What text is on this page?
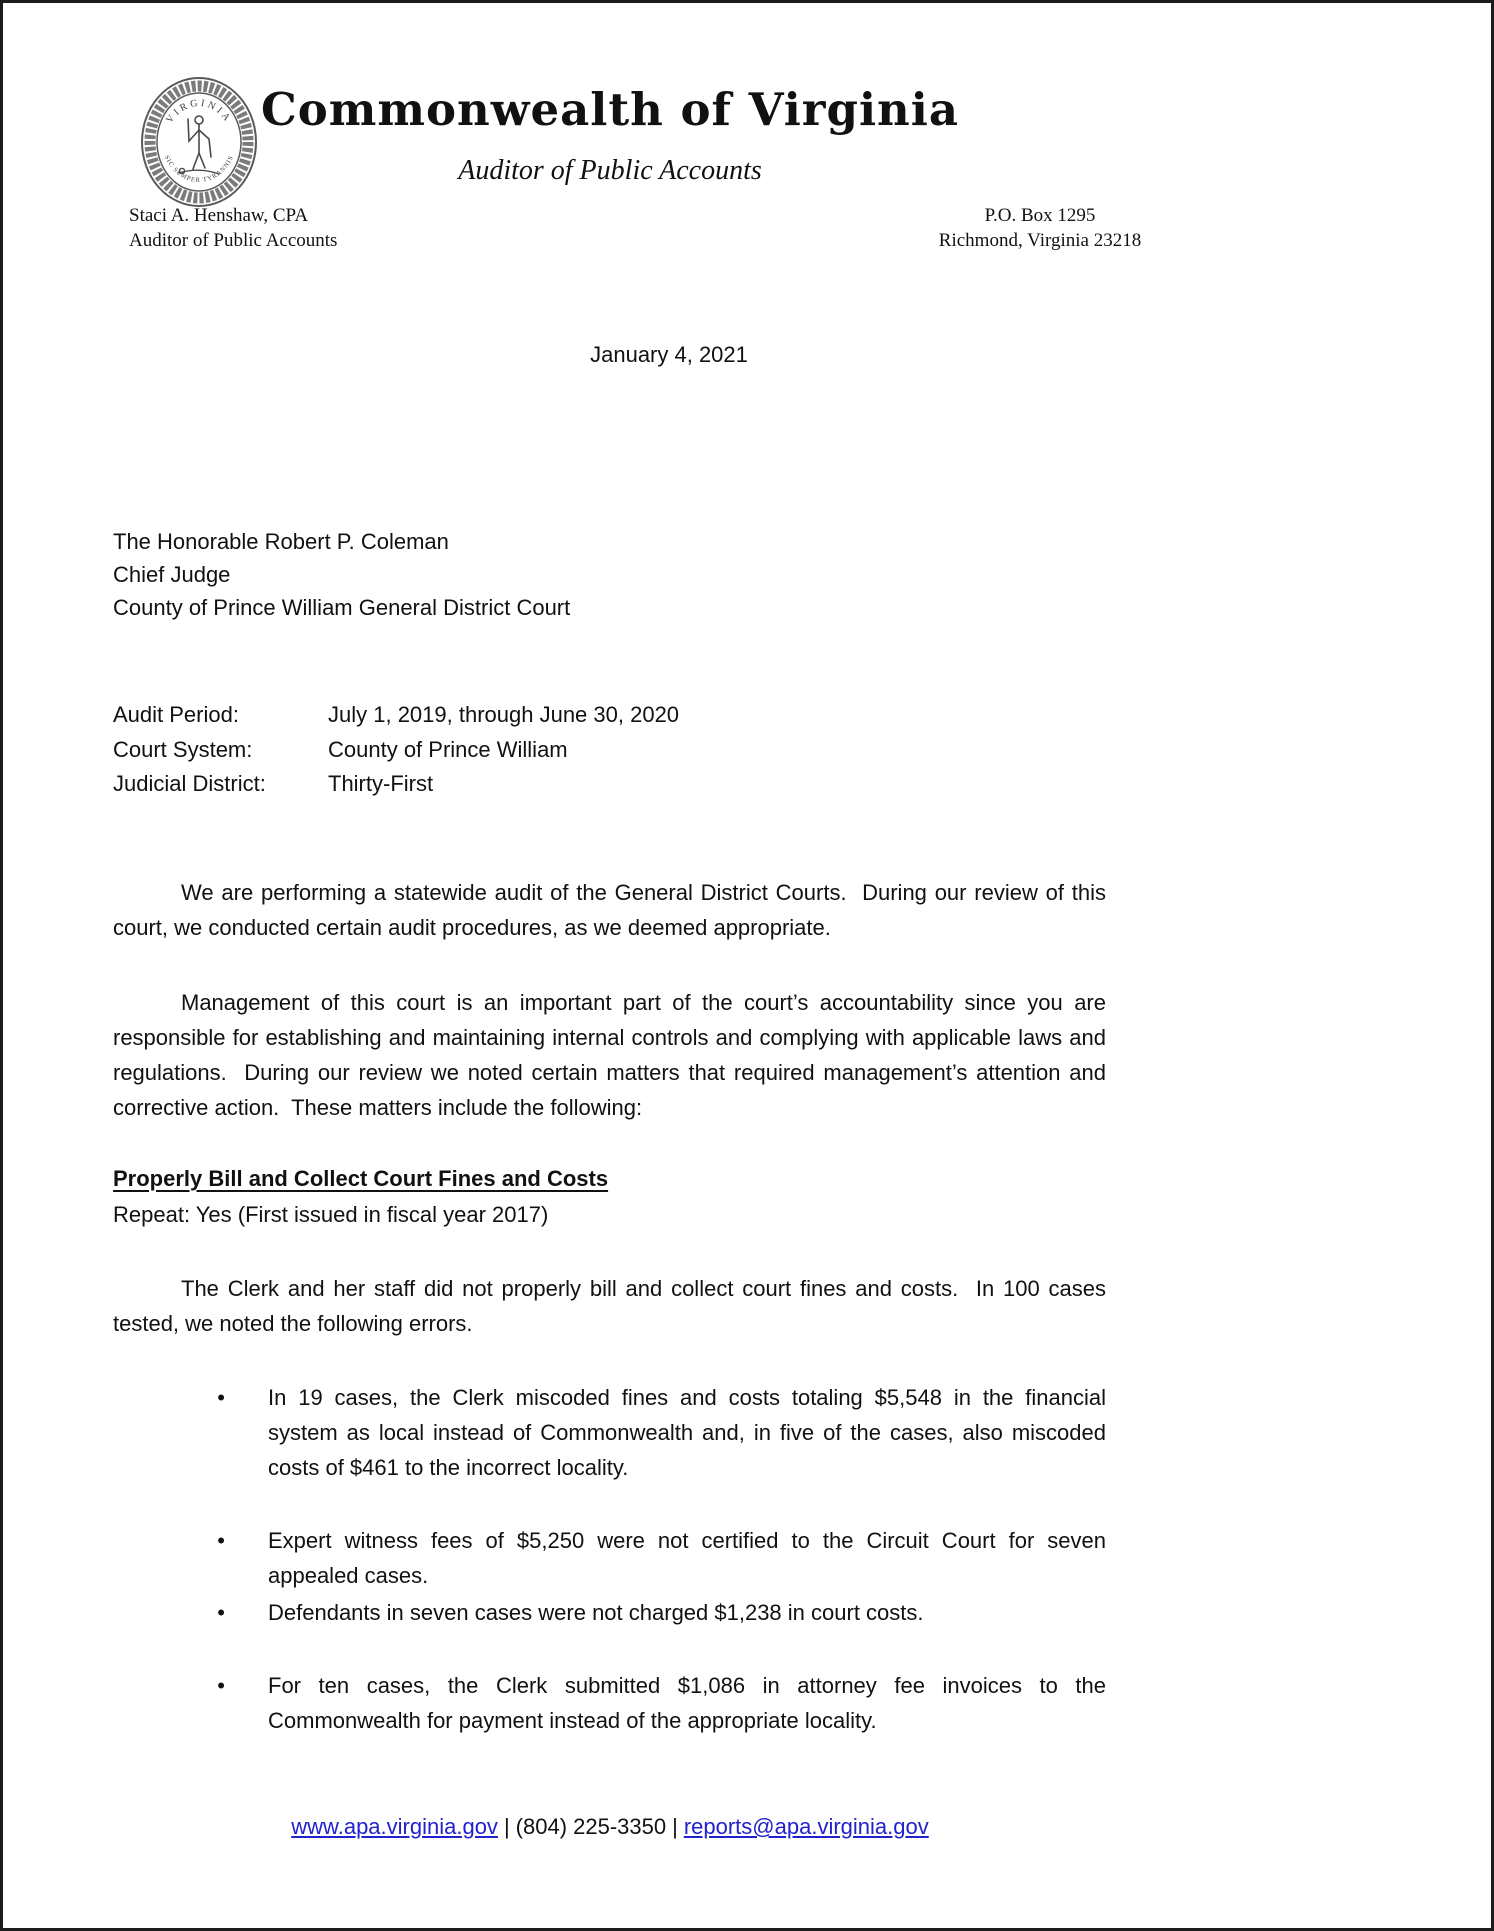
VIRGINIA
SIC SEMPER TYRANNIS
Commonwealth of Virginia
Auditor of Public Accounts
Staci A. Henshaw, CPA
Auditor of Public Accounts
P.O. Box 1295
Richmond, Virginia 23218
January 4, 2021
The Honorable Robert P. Coleman
Chief Judge
County of Prince William General District Court
Audit Period:	July 1, 2019, through June 30, 2020
Court System:	County of Prince William
Judicial District:	Thirty-First
We are performing a statewide audit of the General District Courts.  During our review of this court, we conducted certain audit procedures, as we deemed appropriate.
Management of this court is an important part of the court’s accountability since you are responsible for establishing and maintaining internal controls and complying with applicable laws and regulations.  During our review we noted certain matters that required management’s attention and corrective action.  These matters include the following:
Properly Bill and Collect Court Fines and Costs
Repeat: Yes (First issued in fiscal year 2017)
The Clerk and her staff did not properly bill and collect court fines and costs.  In 100 cases tested, we noted the following errors.
• In 19 cases, the Clerk miscoded fines and costs totaling $5,548 in the financial system as local instead of Commonwealth and, in five of the cases, also miscoded costs of $461 to the incorrect locality.
• Expert witness fees of $5,250 were not certified to the Circuit Court for seven appealed cases.
• Defendants in seven cases were not charged $1,238 in court costs.
• For ten cases, the Clerk submitted $1,086 in attorney fee invoices to the Commonwealth for payment instead of the appropriate locality.
www.apa.virginia.gov | (804) 225-3350 | reports@apa.virginia.gov
